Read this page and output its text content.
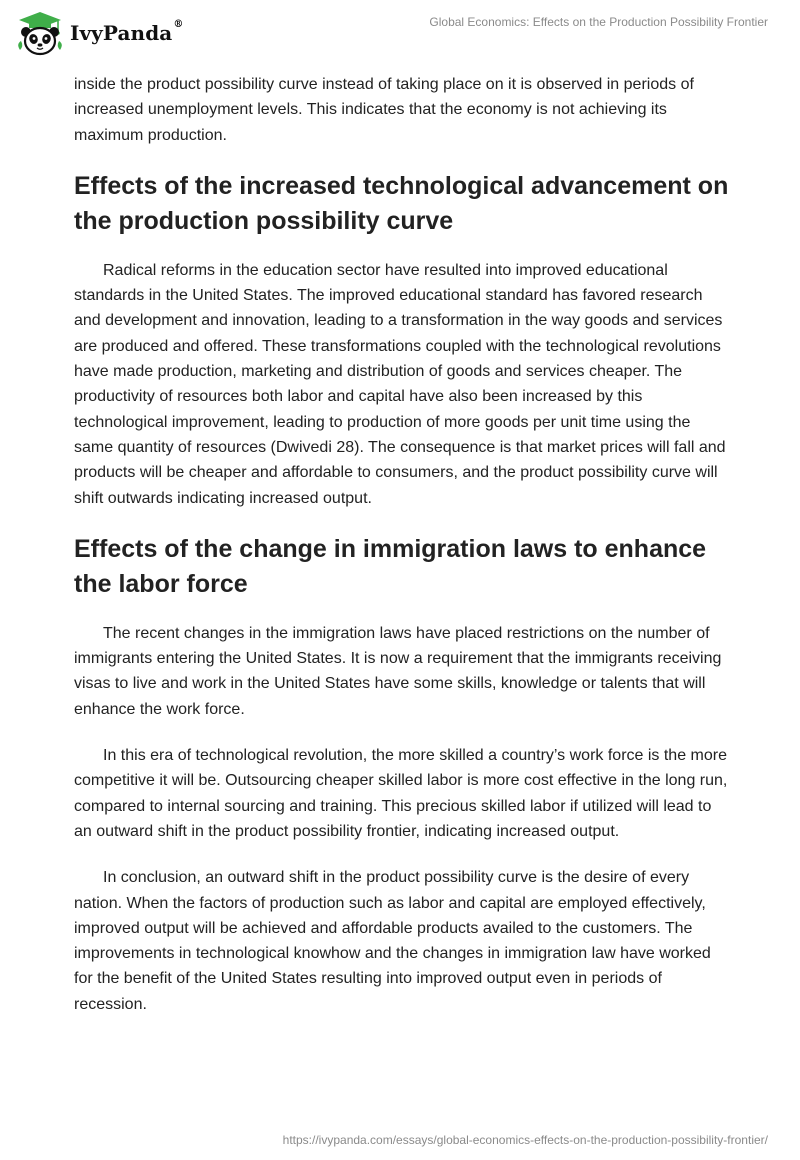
IvyPanda®	Global Economics: Effects on the Production Possibility Frontier

inside the product possibility curve instead of taking place on it is observed in periods of increased unemployment levels. This indicates that the economy is not achieving its maximum production.

Effects of the increased technological advancement on the production possibility curve

Radical reforms in the education sector have resulted into improved educational standards in the United States. The improved educational standard has favored research and development and innovation, leading to a transformation in the way goods and services are produced and offered. These transformations coupled with the technological revolutions have made production, marketing and distribution of goods and services cheaper. The productivity of resources both labor and capital have also been increased by this technological improvement, leading to production of more goods per unit time using the same quantity of resources (Dwivedi 28). The consequence is that market prices will fall and products will be cheaper and affordable to consumers, and the product possibility curve will shift outwards indicating increased output.

Effects of the change in immigration laws to enhance the labor force

The recent changes in the immigration laws have placed restrictions on the number of immigrants entering the United States. It is now a requirement that the immigrants receiving visas to live and work in the United States have some skills, knowledge or talents that will enhance the work force.

In this era of technological revolution, the more skilled a country’s work force is the more competitive it will be. Outsourcing cheaper skilled labor is more cost effective in the long run, compared to internal sourcing and training. This precious skilled labor if utilized will lead to an outward shift in the product possibility frontier, indicating increased output.

In conclusion, an outward shift in the product possibility curve is the desire of every nation. When the factors of production such as labor and capital are employed effectively, improved output will be achieved and affordable products availed to the customers. The improvements in technological knowhow and the changes in immigration law have worked for the benefit of the United States resulting into improved output even in periods of recession.

https://ivypanda.com/essays/global-economics-effects-on-the-production-possibility-frontier/
